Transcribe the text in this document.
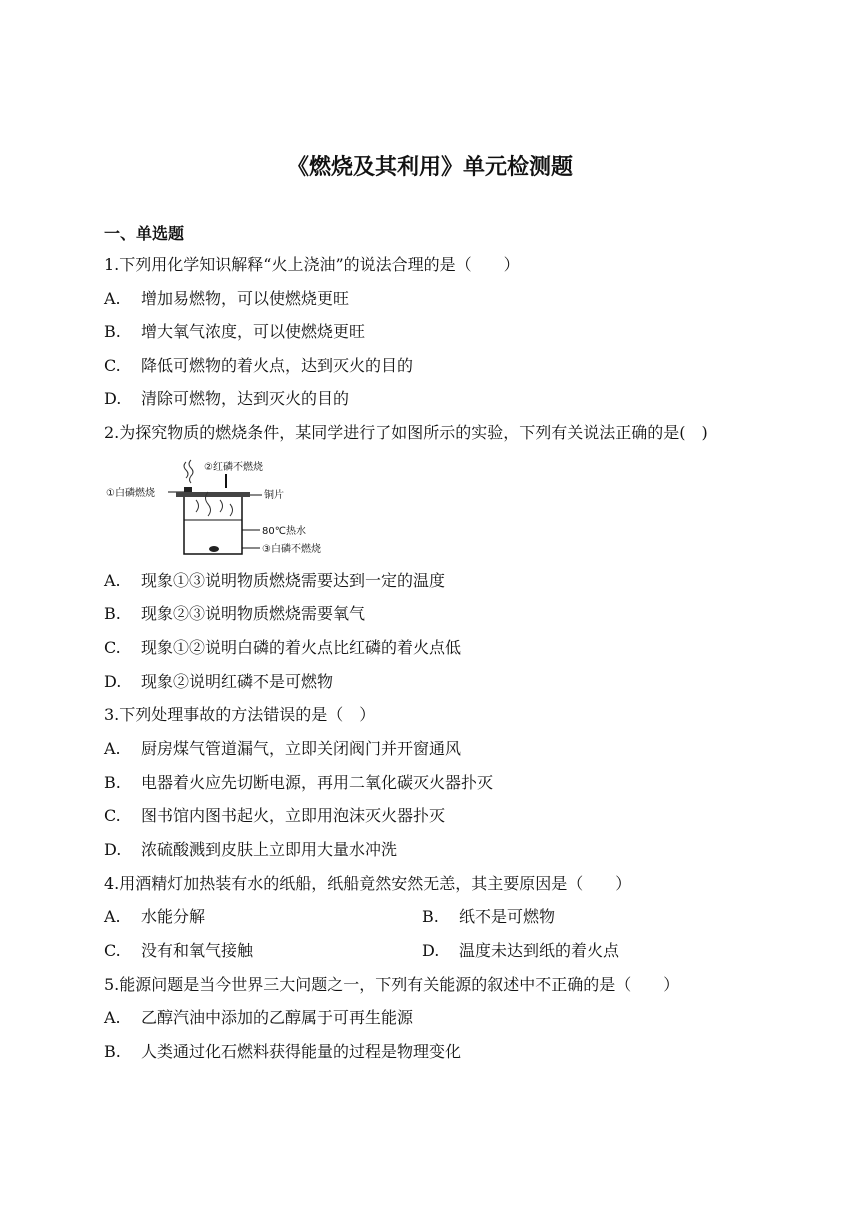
《燃烧及其利用》单元检测题
一、单选题
1.下列用化学知识解释“火上浇油”的说法合理的是（　　）
A. 增加易燃物，可以使燃烧更旺
B. 增大氧气浓度，可以使燃烧更旺
C. 降低可燃物的着火点，达到灭火的目的
D. 清除可燃物，达到灭火的目的
2.为探究物质的燃烧条件，某同学进行了如图所示的实验，下列有关说法正确的是(　)
②红磷不燃烧
①白磷燃烧	铜片
80℃热水
③白磷不燃烧
A. 现象①③说明物质燃烧需要达到一定的温度
B. 现象②③说明物质燃烧需要氧气
C. 现象①②说明白磷的着火点比红磷的着火点低
D. 现象②说明红磷不是可燃物
3.下列处理事故的方法错误的是（　）
A. 厨房煤气管道漏气，立即关闭阀门并开窗通风
B. 电器着火应先切断电源，再用二氧化碳灭火器扑灭
C. 图书馆内图书起火，立即用泡沫灭火器扑灭
D. 浓硫酸溅到皮肤上立即用大量水冲洗
4.用酒精灯加热装有水的纸船，纸船竟然安然无恙，其主要原因是（　　）
A. 水能分解	B. 纸不是可燃物
C. 没有和氧气接触	D. 温度未达到纸的着火点
5.能源问题是当今世界三大问题之一，下列有关能源的叙述中不正确的是（　　）
A. 乙醇汽油中添加的乙醇属于可再生能源
B. 人类通过化石燃料获得能量的过程是物理变化
